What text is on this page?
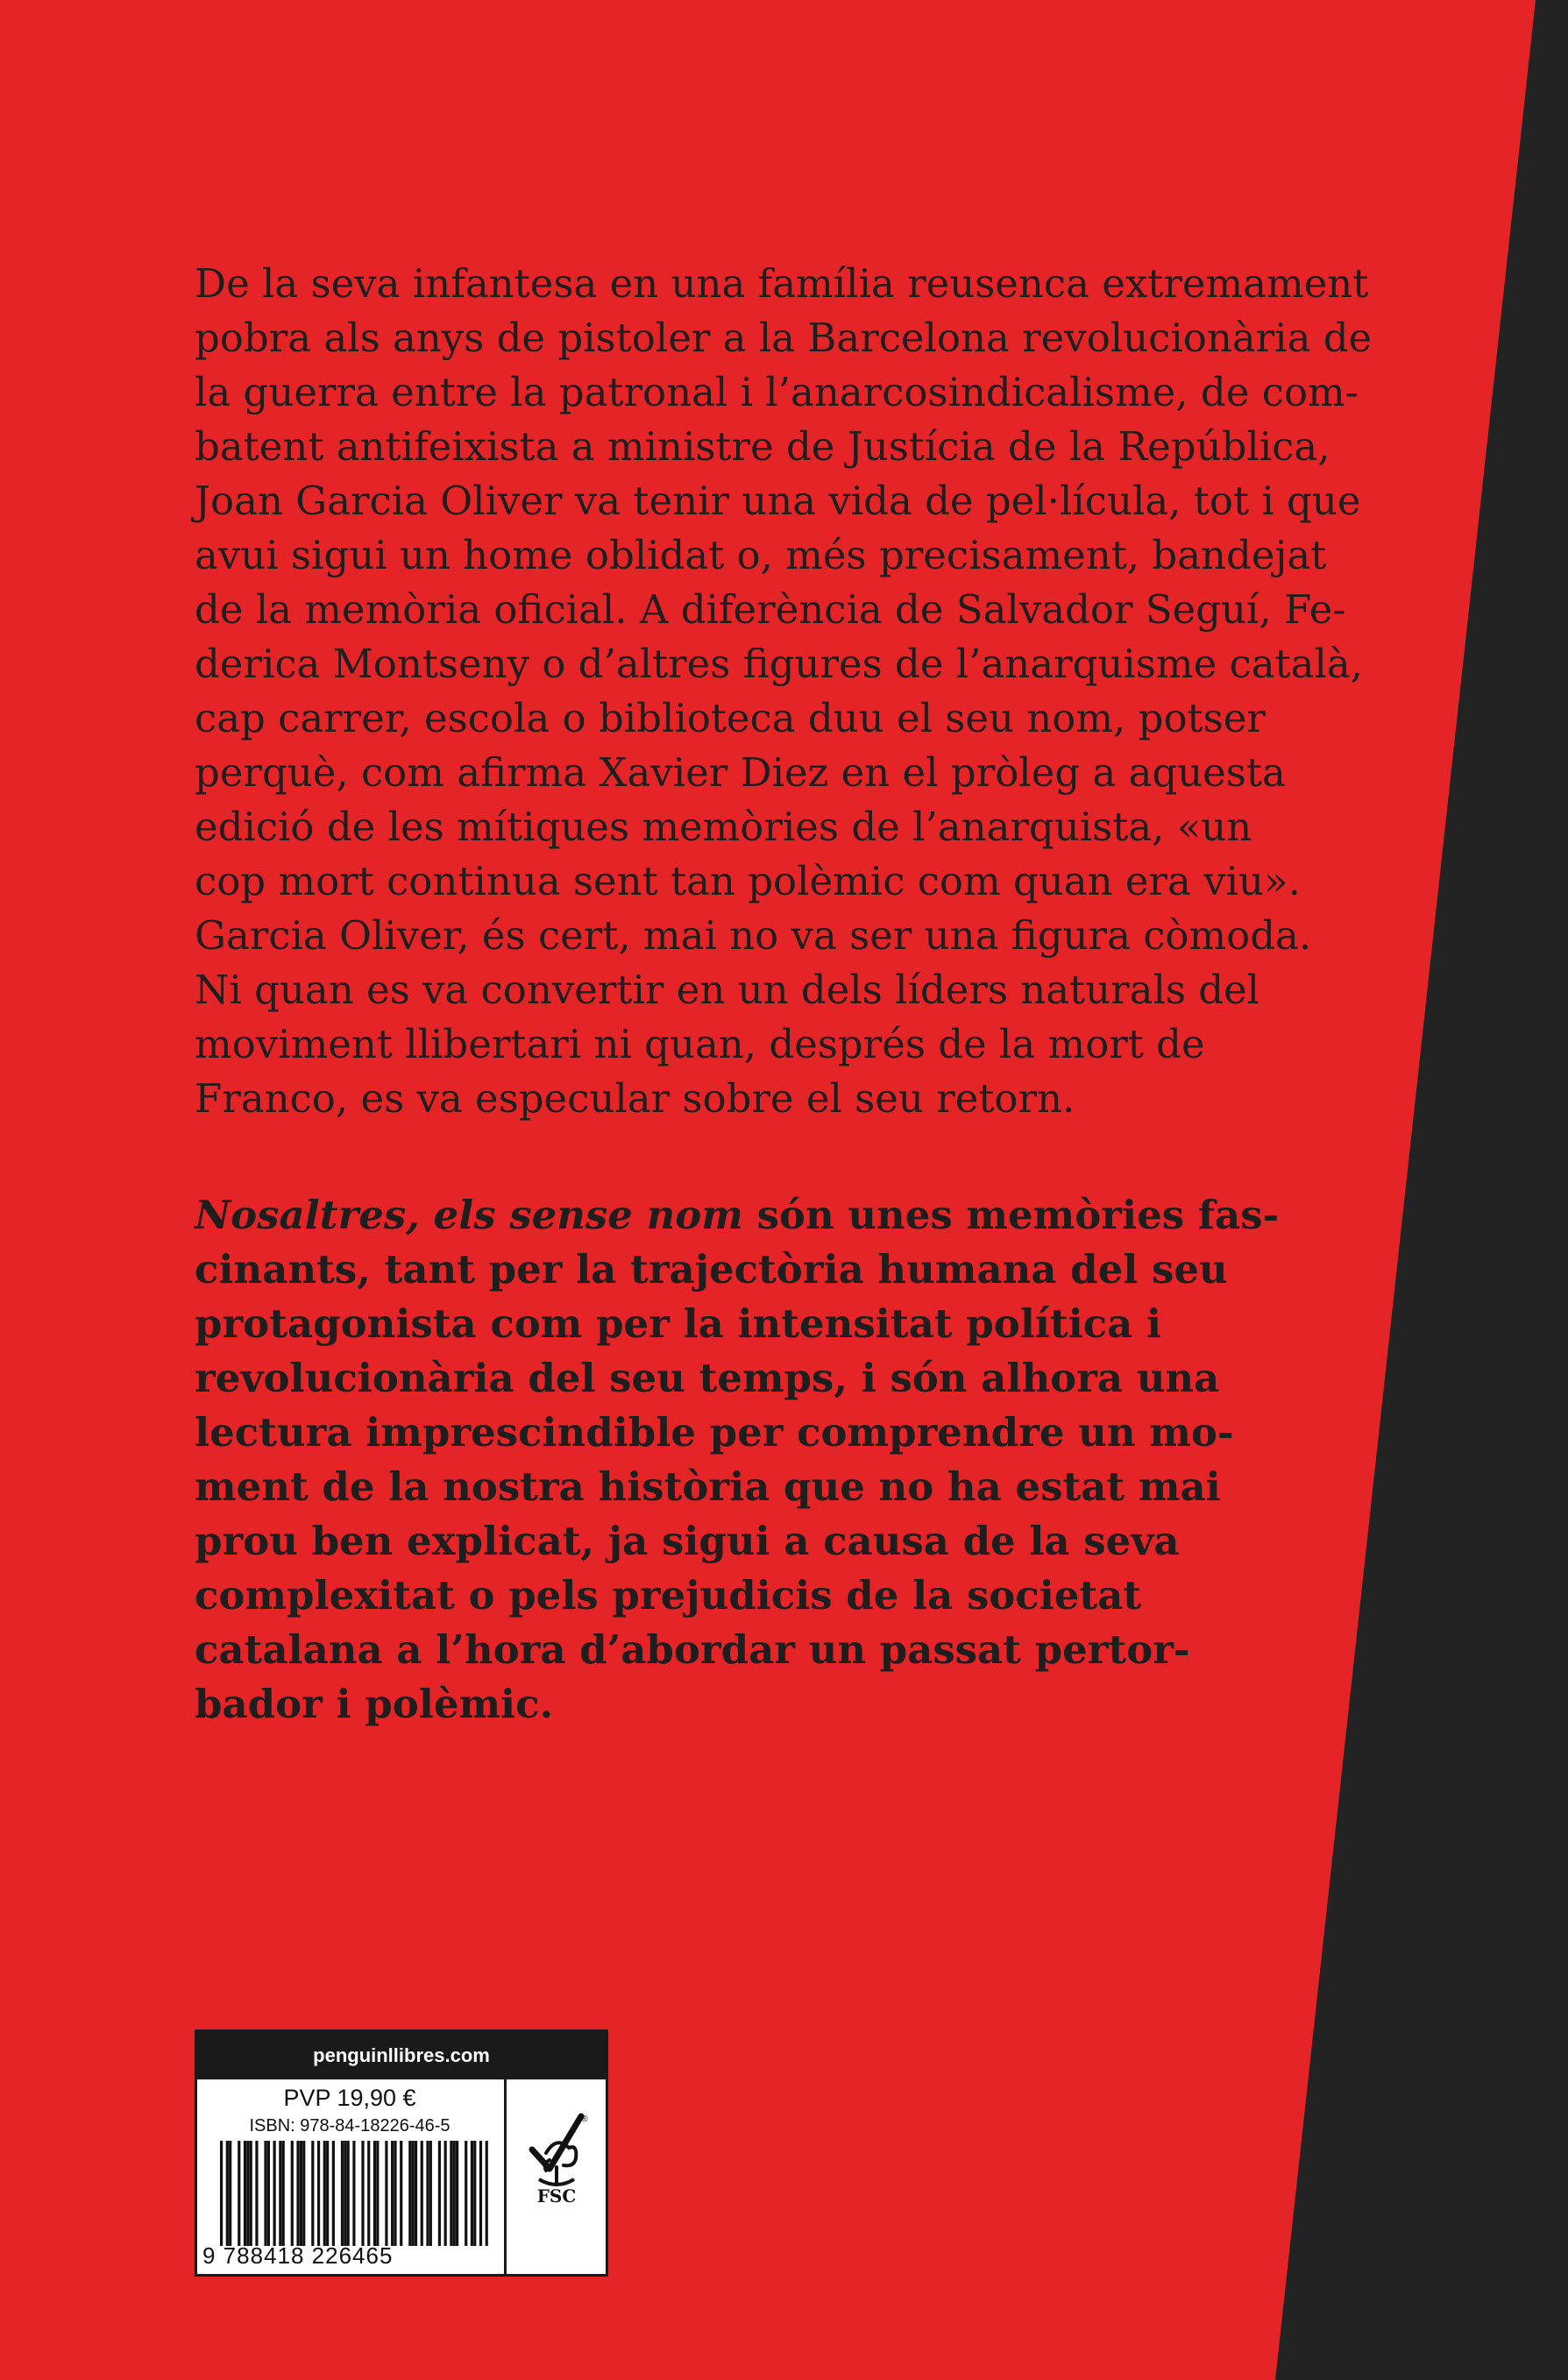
De la seva infantesa en una família reusenca extremament
pobra als anys de pistoler a la Barcelona revolucionària de
la guerra entre la patronal i l’anarcosindicalisme, de com-
batent antifeixista a ministre de Justícia de la República,
Joan Garcia Oliver va tenir una vida de pel·lícula, tot i que
avui sigui un home oblidat o, més precisament, bandejat
de la memòria oficial. A diferència de Salvador Seguí, Fe-
derica Montseny o d’altres figures de l’anarquisme català,
cap carrer, escola o biblioteca duu el seu nom, potser
perquè, com afirma Xavier Diez en el pròleg a aquesta
edició de les mítiques memòries de l’anarquista, «un
cop mort continua sent tan polèmic com quan era viu».
Garcia Oliver, és cert, mai no va ser una figura còmoda.
Ni quan es va convertir en un dels líders naturals del
moviment llibertari ni quan, després de la mort de
Franco, es va especular sobre el seu retorn.
Nosaltres, els sense nom són unes memòries fas-
cinants, tant per la trajectòria humana del seu
protagonista com per la intensitat política i
revolucionària del seu temps, i són alhora una
lectura imprescindible per comprendre un mo-
ment de la nostra història que no ha estat mai
prou ben explicat, ja sigui a causa de la seva
complexitat o pels prejudicis de la societat
catalana a l’hora d’abordar un passat pertor-
bador i polèmic.
penguinllibres.com
PVP 19,90 €
ISBN: 978-84-18226-46-5
9 788418 226465
FSC
®
